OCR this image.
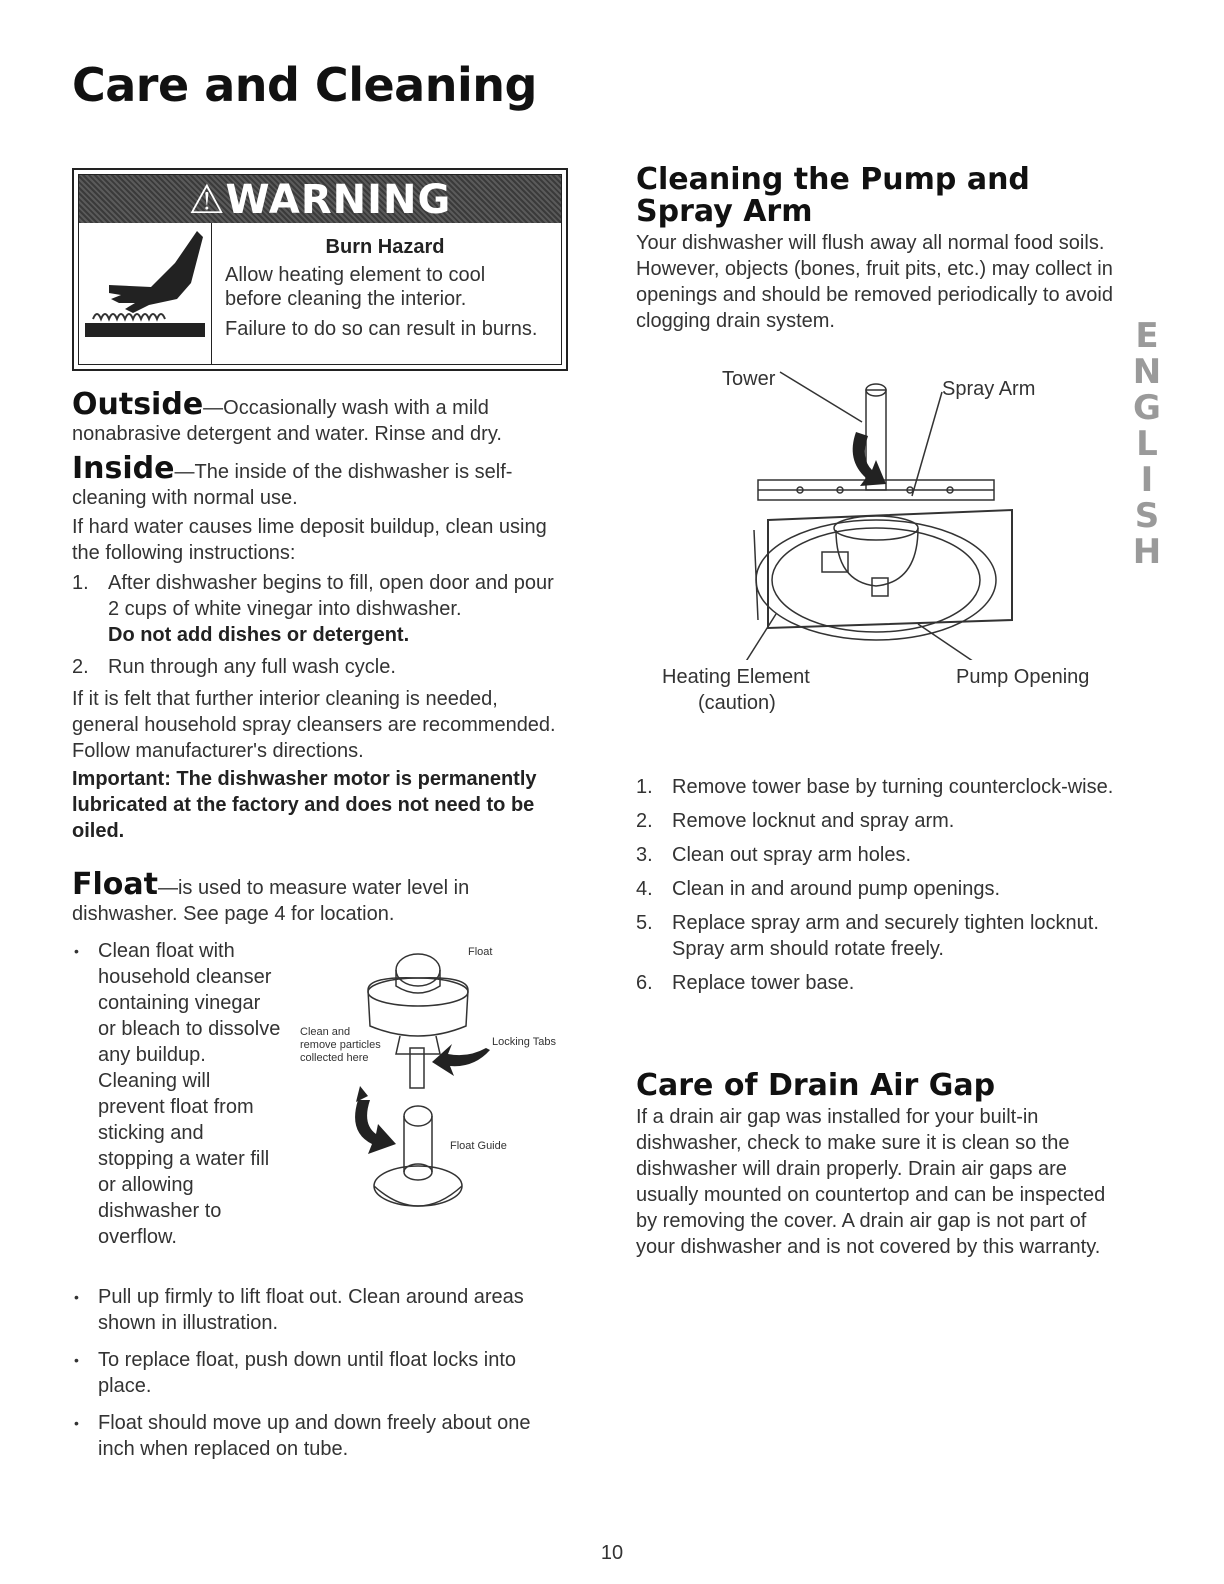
Care and Cleaning
⚠WARNING
Burn Hazard
Allow heating element to cool before cleaning the interior.
Failure to do so can result in burns.
Outside—Occasionally wash with a mild nonabrasive detergent and water. Rinse and dry.
Inside—The inside of the dishwasher is self-cleaning with normal use.
If hard water causes lime deposit buildup, clean using the following instructions:
1. After dishwasher begins to fill, open door and pour 2 cups of white vinegar into dishwasher.
Do not add dishes or detergent.
2. Run through any full wash cycle.
If it is felt that further interior cleaning is needed, general household spray cleansers are recommended. Follow manufacturer's directions.
Important: The dishwasher motor is permanently lubricated at the factory and does not need to be oiled.
Float—is used to measure water level in dishwasher. See page 4 for location.
• Clean float with household cleanser containing vinegar or bleach to dissolve any buildup. Cleaning will prevent float from sticking and stopping a water fill or allowing dishwasher to overflow.
Float
Clean and remove particles collected here
Locking Tabs
Float Guide
• Pull up firmly to lift float out. Clean around areas shown in illustration.
• To replace float, push down until float locks into place.
• Float should move up and down freely about one inch when replaced on tube.
Cleaning the Pump and Spray Arm
Your dishwasher will flush away all normal food soils. However, objects (bones, fruit pits, etc.) may collect in openings and should be removed periodically to avoid clogging drain system.
Tower	Spray Arm
Heating Element
(caution)
Pump Opening
1. Remove tower base by turning counterclock-wise.
2. Remove locknut and spray arm.
3. Clean out spray arm holes.
4. Clean in and around pump openings.
5. Replace spray arm and securely tighten locknut. Spray arm should rotate freely.
6. Replace tower base.
Care of Drain Air Gap
If a drain air gap was installed for your built-in dishwasher, check to make sure it is clean so the dishwasher will drain properly. Drain air gaps are usually mounted on countertop and can be inspected by removing the cover. A drain air gap is not part of your dishwasher and is not covered by this warranty.
ENGLISH
10
